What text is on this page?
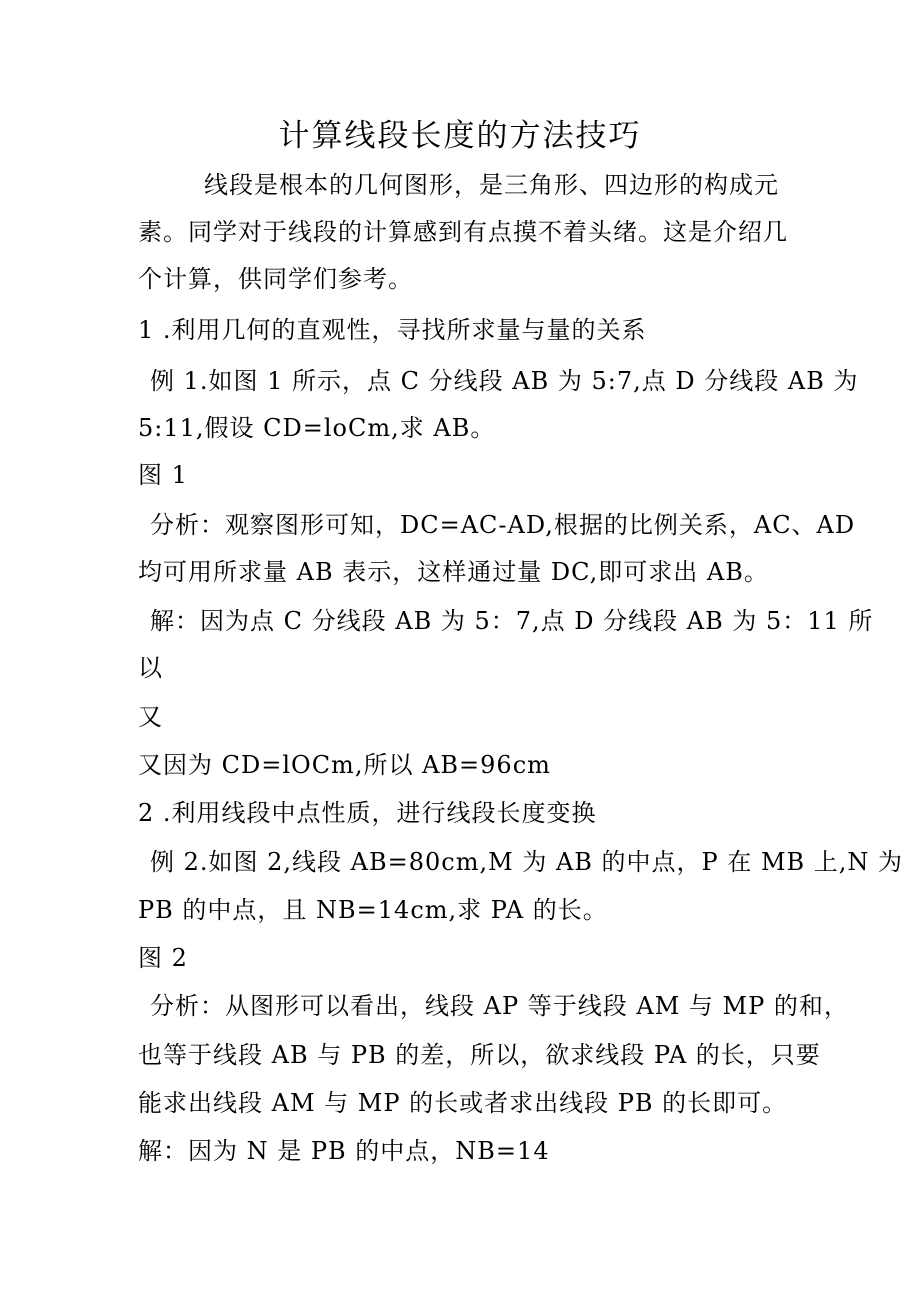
计算线段长度的方法技巧
线段是根本的几何图形，是三角形、四边形的构成元
素。同学对于线段的计算感到有点摸不着头绪。这是介绍几
个计算，供同学们参考。
1 .利用几何的直观性，寻找所求量与量的关系
例 1.如图 1 所示，点 C 分线段 AB 为 5:7,点 D 分线段 AB 为
5:11,假设 CD=loCm,求 AB。
图 1
分析：观察图形可知，DC=AC-AD,根据的比例关系，AC、AD
均可用所求量 AB 表示，这样通过量 DC,即可求出 AB。
解：因为点 C 分线段 AB 为 5：7,点 D 分线段 AB 为 5：11 所
以
又
又因为 CD=lOCm,所以 AB=96cm
2 .利用线段中点性质，进行线段长度变换
例 2.如图 2,线段 AB=80cm,M 为 AB 的中点，P 在 MB 上,N 为
PB 的中点，且 NB=14cm,求 PA 的长。
图 2
分析：从图形可以看出，线段 AP 等于线段 AM 与 MP 的和，
也等于线段 AB 与 PB 的差，所以，欲求线段 PA 的长，只要
能求出线段 AM 与 MP 的长或者求出线段 PB 的长即可。
解：因为 N 是 PB 的中点，NB=14
